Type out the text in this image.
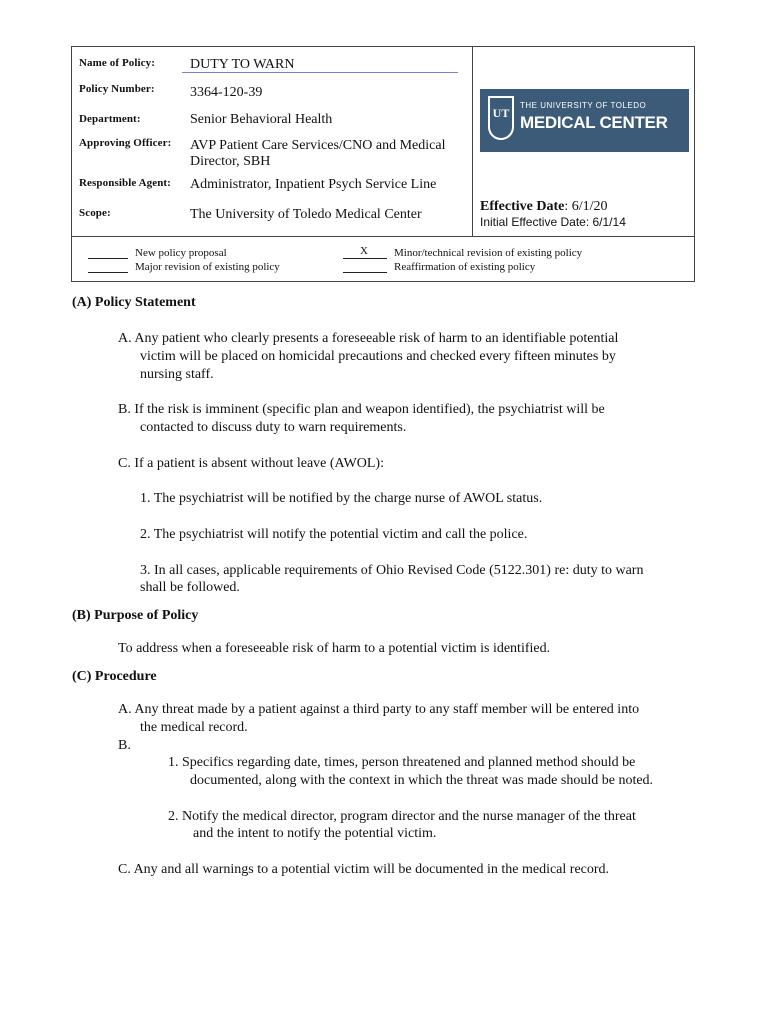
Name of Policy: DUTY TO WARN
Policy Number:	3364-120-39
Department:	Senior Behavioral Health
Approving Officer: AVP Patient Care Services/CNO and Medical
Director, SBH
Responsible Agent: Administrator, Inpatient Psych Service Line
Scope:	The University of Toledo Medical Center
UT
THE UNIVERSITY OF TOLEDO
MEDICAL CENTER
Effective Date: 6/1/20
Initial Effective Date: 6/1/14
New policy proposal
Major revision of existing policy
X Minor/technical revision of existing policy
Reaffirmation of existing policy
(A) Policy Statement
A. Any patient who clearly presents a foreseeable risk of harm to an identifiable potential
victim will be placed on homicidal precautions and checked every fifteen minutes by
nursing staff.
B. If the risk is imminent (specific plan and weapon identified), the psychiatrist will be
contacted to discuss duty to warn requirements.
C. If a patient is absent without leave (AWOL):
1. The psychiatrist will be notified by the charge nurse of AWOL status.
2. The psychiatrist will notify the potential victim and call the police.
3. In all cases, applicable requirements of Ohio Revised Code (5122.301) re: duty to warn
shall be followed.
(B) Purpose of Policy
To address when a foreseeable risk of harm to a potential victim is identified.
(C) Procedure
A. Any threat made by a patient against a third party to any staff member will be entered into
the medical record.
B.
1. Specifics regarding date, times, person threatened and planned method should be
documented, along with the context in which the threat was made should be noted.
2. Notify the medical director, program director and the nurse manager of the threat
and the intent to notify the potential victim.
C. Any and all warnings to a potential victim will be documented in the medical record.
